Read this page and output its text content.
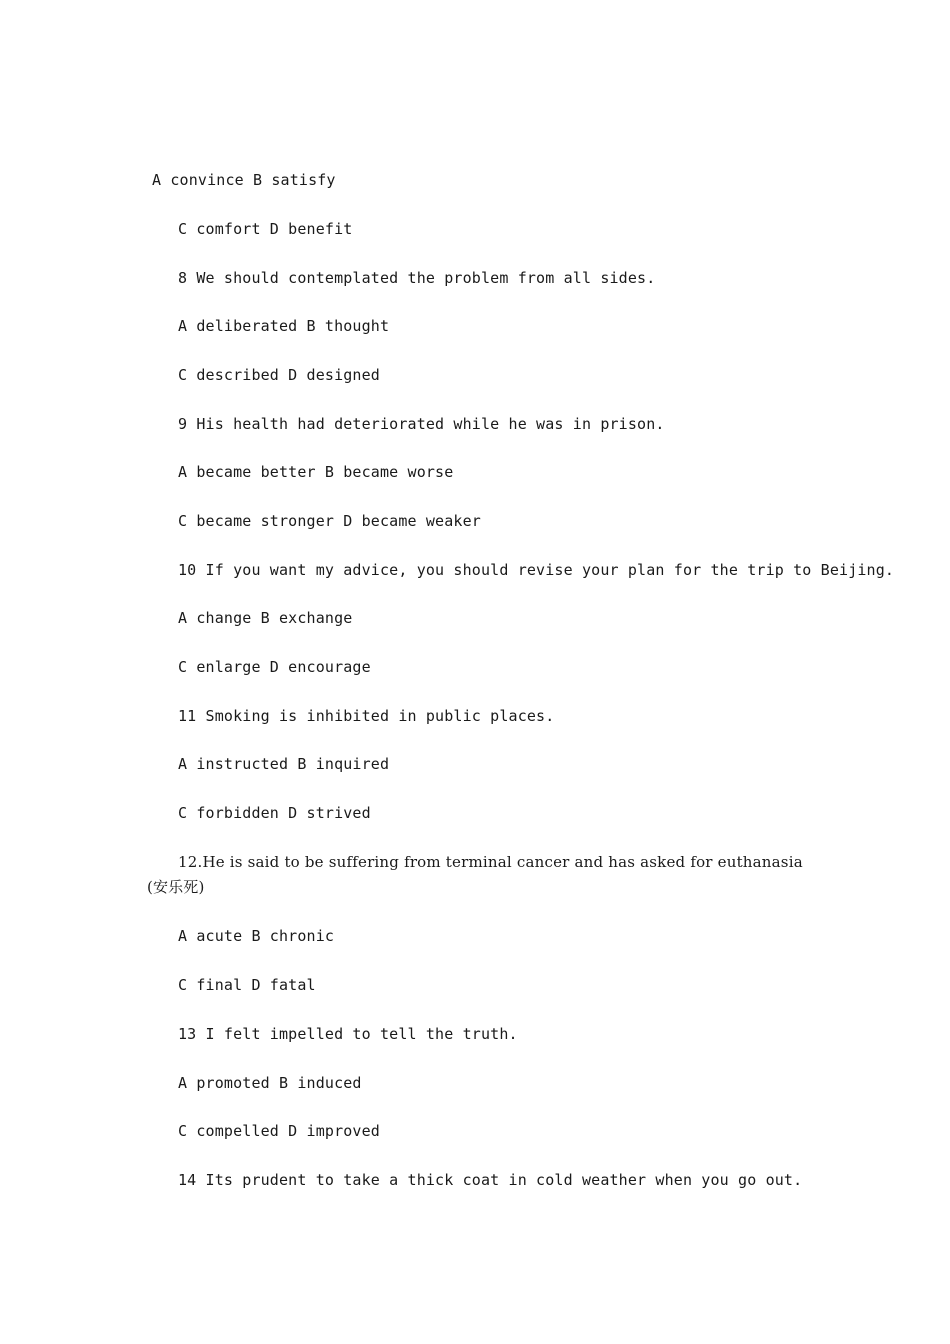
A convince B satisfy
C comfort D benefit
8 We should contemplated the problem from all sides.
A deliberated B thought
C described D designed
9 His health had deteriorated while he was in prison.
A became better B became worse
C became stronger D became weaker
10 If you want my advice, you should revise your plan for the trip to Beijing.
A change B exchange
C enlarge D encourage
11 Smoking is inhibited in public places.
A instructed B inquired
C forbidden D strived
12.He is said to be suffering from terminal cancer and has asked for euthanasia
(安乐死)
A acute B chronic
C final D fatal
13 I felt impelled to tell the truth.
A promoted B induced
C compelled D improved
14 Its prudent to take a thick coat in cold weather when you go out.
